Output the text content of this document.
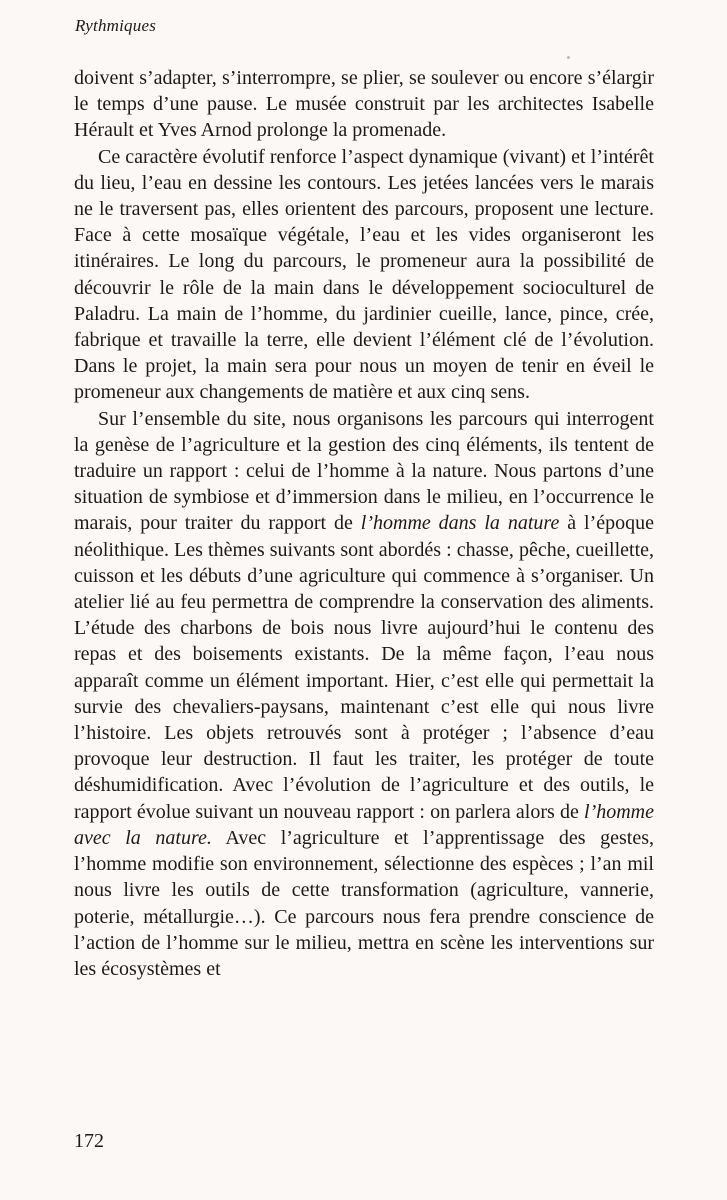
Rythmiques

doivent s’adapter, s’interrompre, se plier, se soulever ou encore s’élargir le temps d’une pause. Le musée construit par les architectes Isabelle Hérault et Yves Arnod prolonge la promenade.

Ce caractère évolutif renforce l’aspect dynamique (vivant) et l’intérêt du lieu, l’eau en dessine les contours. Les jetées lancées vers le marais ne le traversent pas, elles orientent des parcours, proposent une lecture. Face à cette mosaïque végétale, l’eau et les vides organiseront les itinéraires. Le long du parcours, le promeneur aura la possibilité de découvrir le rôle de la main dans le développement socioculturel de Paladru. La main de l’homme, du jardinier cueille, lance, pince, crée, fabrique et travaille la terre, elle devient l’élément clé de l’évolution. Dans le projet, la main sera pour nous un moyen de tenir en éveil le promeneur aux changements de matière et aux cinq sens.

Sur l’ensemble du site, nous organisons les parcours qui interrogent la genèse de l’agriculture et la gestion des cinq éléments, ils tentent de traduire un rapport : celui de l’homme à la nature. Nous partons d’une situation de symbiose et d’immersion dans le milieu, en l’occurrence le marais, pour traiter du rapport de l’homme dans la nature à l’époque néolithique. Les thèmes suivants sont abordés : chasse, pêche, cueillette, cuisson et les débuts d’une agriculture qui commence à s’organiser. Un atelier lié au feu permettra de comprendre la conservation des aliments. L’étude des charbons de bois nous livre aujourd’hui le contenu des repas et des boisements existants. De la même façon, l’eau nous apparaît comme un élément important. Hier, c’est elle qui permettait la survie des chevaliers-paysans, maintenant c’est elle qui nous livre l’histoire. Les objets retrouvés sont à protéger ; l’absence d’eau provoque leur destruction. Il faut les traiter, les protéger de toute déshumidification. Avec l’évolution de l’agriculture et des outils, le rapport évolue suivant un nouveau rapport : on parlera alors de l’homme avec la nature. Avec l’agriculture et l’apprentissage des gestes, l’homme modifie son environnement, sélectionne des espèces ; l’an mil nous livre les outils de cette transformation (agriculture, vannerie, poterie, métallurgie…). Ce parcours nous fera prendre conscience de l’action de l’homme sur le milieu, mettra en scène les interventions sur les écosystèmes et

172
